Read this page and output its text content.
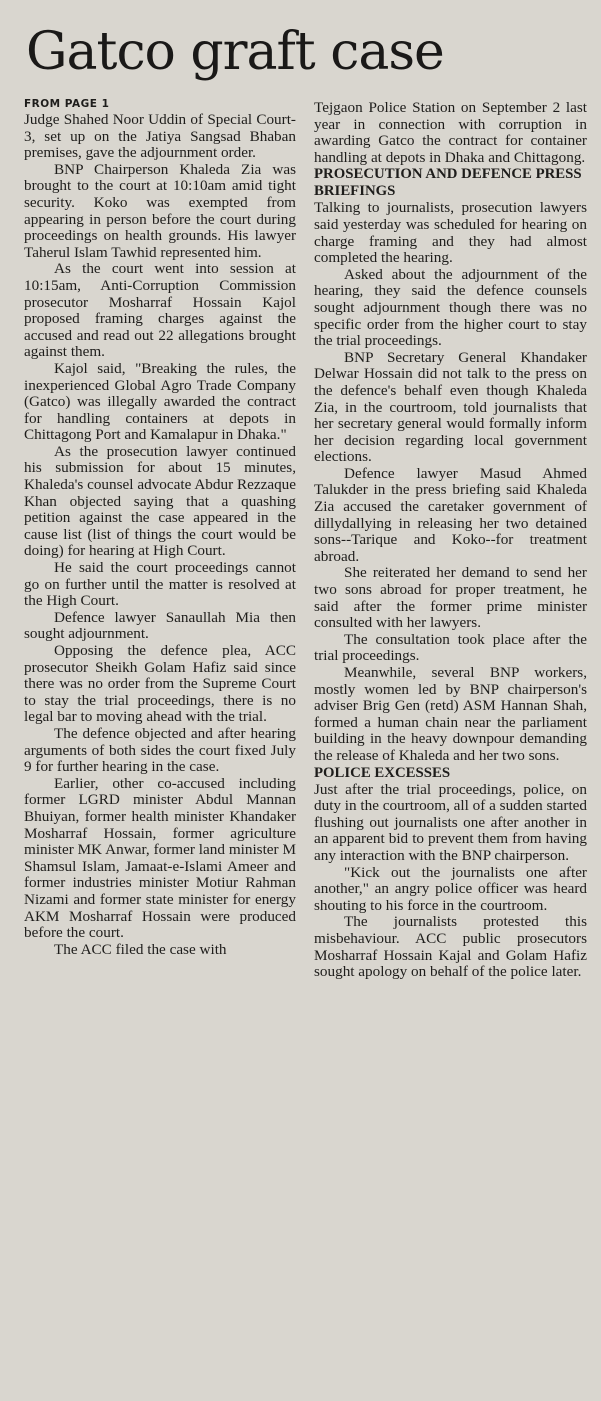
Gatco graft case
FROM PAGE 1

Judge Shahed Noor Uddin of Special Court-3, set up on the Jatiya Sangsad Bhaban premises, gave the adjournment order.

BNP Chairperson Khaleda Zia was brought to the court at 10:10am amid tight security. Koko was exempted from appearing in person before the court during proceedings on health grounds. His lawyer Taherul Islam Tawhid represented him.

As the court went into session at 10:15am, Anti-Corruption Commission prosecutor Mosharraf Hossain Kajol proposed framing charges against the accused and read out 22 allegations brought against them.

Kajol said, "Breaking the rules, the inexperienced Global Agro Trade Company (Gatco) was illegally awarded the contract for handling containers at depots in Chittagong Port and Kamalapur in Dhaka."

As the prosecution lawyer continued his submission for about 15 minutes, Khaleda's counsel advocate Abdur Rezzaque Khan objected saying that a quashing petition against the case appeared in the cause list (list of things the court would be doing) for hearing at High Court.

He said the court proceedings cannot go on further until the matter is resolved at the High Court.

Defence lawyer Sanaullah Mia then sought adjournment.

Opposing the defence plea, ACC prosecutor Sheikh Golam Hafiz said since there was no order from the Supreme Court to stay the trial proceedings, there is no legal bar to moving ahead with the trial.

The defence objected and after hearing arguments of both sides the court fixed July 9 for further hearing in the case.

Earlier, other co-accused including former LGRD minister Abdul Mannan Bhuiyan, former health minister Khandaker Mosharraf Hossain, former agriculture minister MK Anwar, former land minister M Shamsul Islam, Jamaat-e-Islami Ameer and former industries minister Motiur Rahman Nizami and former state minister for energy AKM Mosharraf Hossain were produced before the court.

The ACC filed the case with

Tejgaon Police Station on September 2 last year in connection with corruption in awarding Gatco the contract for container handling at depots in Dhaka and Chittagong.

PROSECUTION AND DEFENCE PRESS BRIEFINGS

Talking to journalists, prosecution lawyers said yesterday was scheduled for hearing on charge framing and they had almost completed the hearing.

Asked about the adjournment of the hearing, they said the defence counsels sought adjournment though there was no specific order from the higher court to stay the trial proceedings.

BNP Secretary General Khandaker Delwar Hossain did not talk to the press on the defence's behalf even though Khaleda Zia, in the courtroom, told journalists that her secretary general would formally inform her decision regarding local government elections.

Defence lawyer Masud Ahmed Talukder in the press briefing said Khaleda Zia accused the caretaker government of dillydallying in releasing her two detained sons--Tarique and Koko--for treatment abroad.

She reiterated her demand to send her two sons abroad for proper treatment, he said after the former prime minister consulted with her lawyers.

The consultation took place after the trial proceedings.

Meanwhile, several BNP workers, mostly women led by BNP chairperson's adviser Brig Gen (retd) ASM Hannan Shah, formed a human chain near the parliament building in the heavy downpour demanding the release of Khaleda and her two sons.

POLICE EXCESSES

Just after the trial proceedings, police, on duty in the courtroom, all of a sudden started flushing out journalists one after another in an apparent bid to prevent them from having any interaction with the BNP chairperson.

"Kick out the journalists one after another," an angry police officer was heard shouting to his force in the courtroom.

The journalists protested this misbehaviour. ACC public prosecutors Mosharraf Hossain Kajal and Golam Hafiz sought apology on behalf of the police later.
